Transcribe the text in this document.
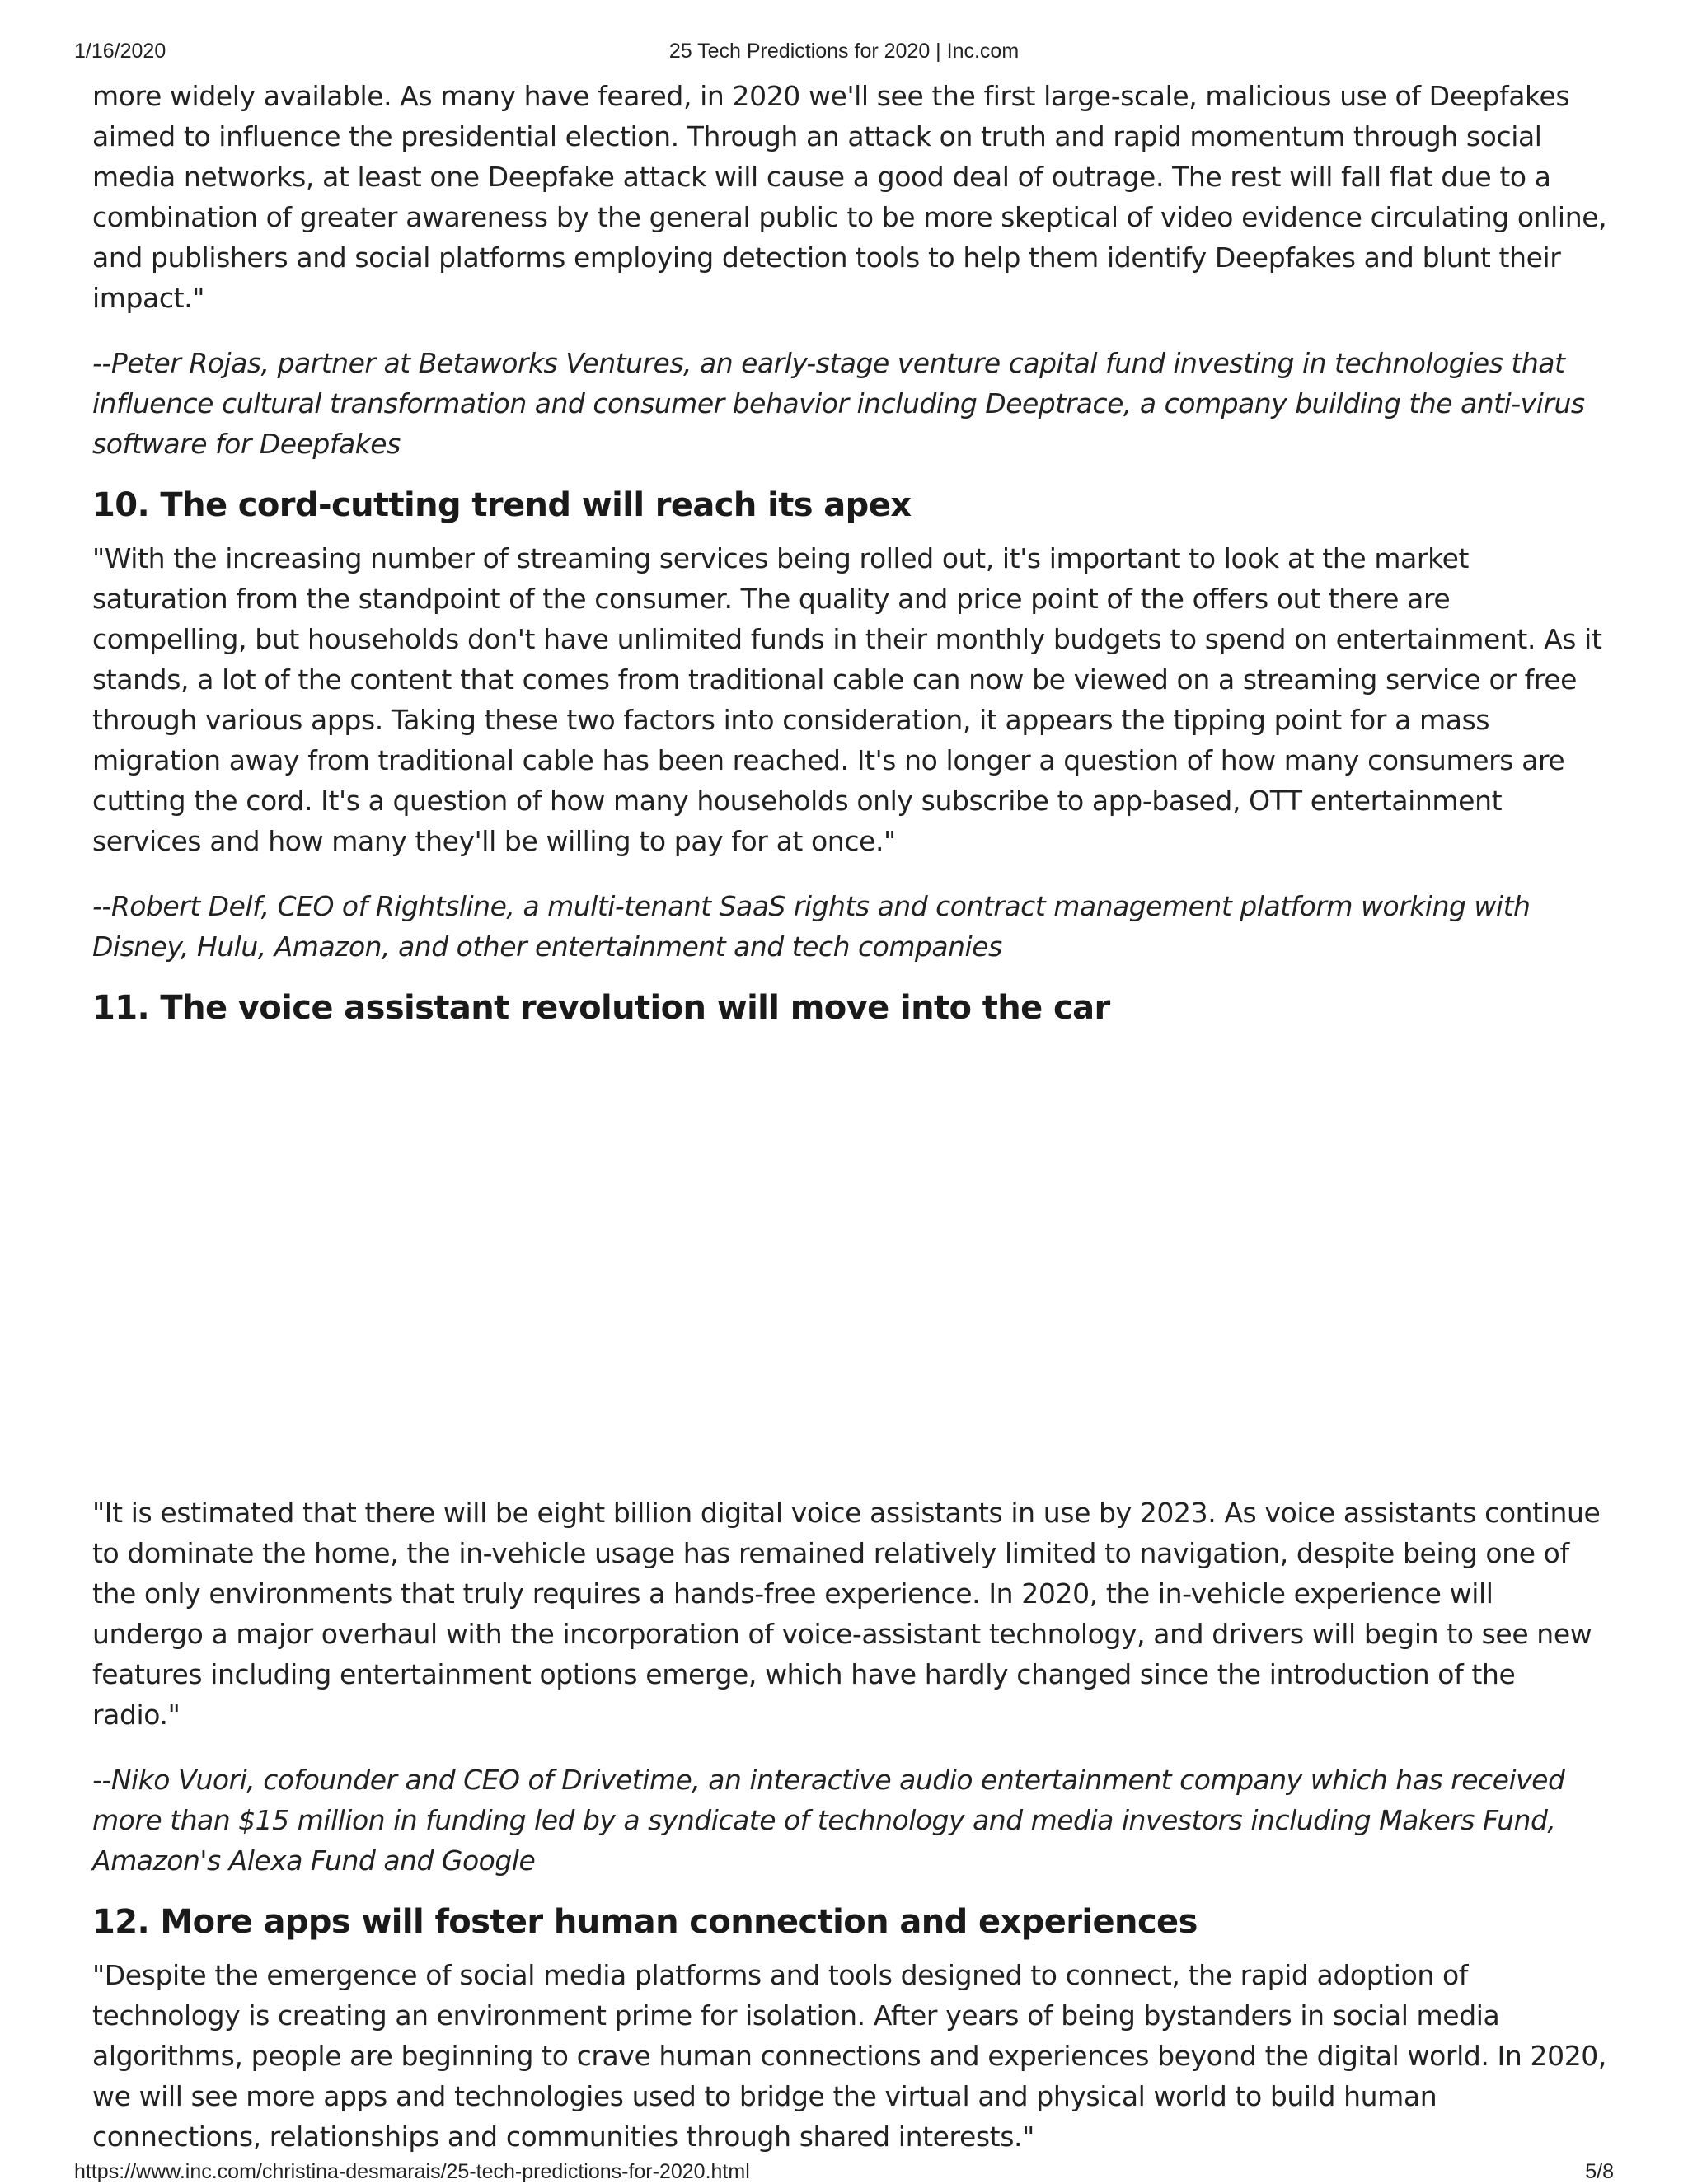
1/16/2020	25 Tech Predictions for 2020 | Inc.com

more widely available. As many have feared, in 2020 we'll see the first large-scale, malicious use of Deepfakes aimed to influence the presidential election. Through an attack on truth and rapid momentum through social media networks, at least one Deepfake attack will cause a good deal of outrage. The rest will fall flat due to a combination of greater awareness by the general public to be more skeptical of video evidence circulating online, and publishers and social platforms employing detection tools to help them identify Deepfakes and blunt their impact."

--Peter Rojas, partner at Betaworks Ventures, an early-stage venture capital fund investing in technologies that influence cultural transformation and consumer behavior including Deeptrace, a company building the anti-virus software for Deepfakes

10. The cord-cutting trend will reach its apex

"With the increasing number of streaming services being rolled out, it's important to look at the market saturation from the standpoint of the consumer. The quality and price point of the offers out there are compelling, but households don't have unlimited funds in their monthly budgets to spend on entertainment. As it stands, a lot of the content that comes from traditional cable can now be viewed on a streaming service or free through various apps. Taking these two factors into consideration, it appears the tipping point for a mass migration away from traditional cable has been reached. It's no longer a question of how many consumers are cutting the cord. It's a question of how many households only subscribe to app-based, OTT entertainment services and how many they'll be willing to pay for at once."

--Robert Delf, CEO of Rightsline, a multi-tenant SaaS rights and contract management platform working with Disney, Hulu, Amazon, and other entertainment and tech companies

11. The voice assistant revolution will move into the car

"It is estimated that there will be eight billion digital voice assistants in use by 2023. As voice assistants continue to dominate the home, the in-vehicle usage has remained relatively limited to navigation, despite being one of the only environments that truly requires a hands-free experience. In 2020, the in-vehicle experience will undergo a major overhaul with the incorporation of voice-assistant technology, and drivers will begin to see new features including entertainment options emerge, which have hardly changed since the introduction of the radio."

--Niko Vuori, cofounder and CEO of Drivetime, an interactive audio entertainment company which has received more than $15 million in funding led by a syndicate of technology and media investors including Makers Fund, Amazon's Alexa Fund and Google

12. More apps will foster human connection and experiences

"Despite the emergence of social media platforms and tools designed to connect, the rapid adoption of technology is creating an environment prime for isolation. After years of being bystanders in social media algorithms, people are beginning to crave human connections and experiences beyond the digital world. In 2020, we will see more apps and technologies used to bridge the virtual and physical world to build human connections, relationships and communities through shared interests."

https://www.inc.com/christina-desmarais/25-tech-predictions-for-2020.html	5/8
